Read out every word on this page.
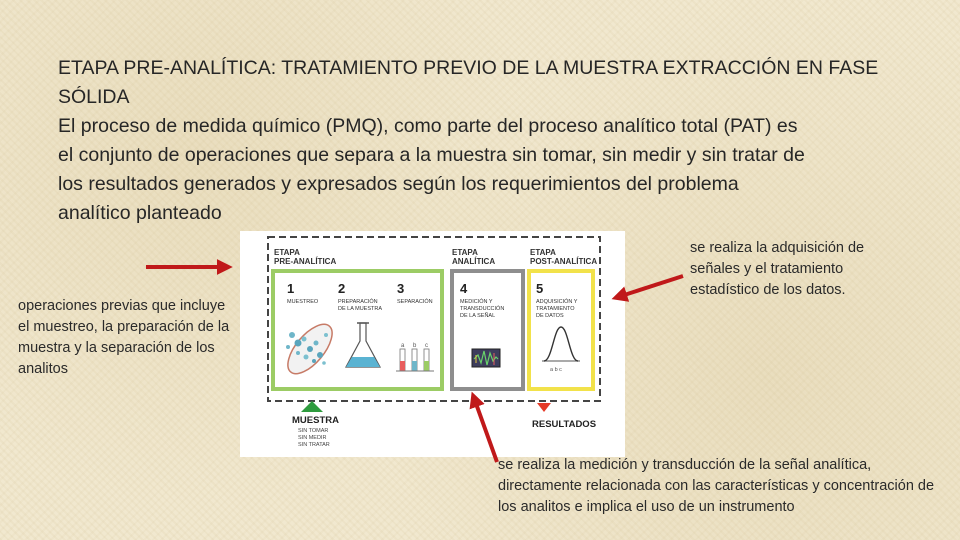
ETAPA PRE-ANALÍTICA: TRATAMIENTO PREVIO DE LA MUESTRA EXTRACCIÓN EN FASE
SÓLIDA
El proceso de medida químico (PMQ), como parte del proceso analítico total (PAT) es
el conjunto de operaciones que separa a la muestra sin tomar, sin medir y sin tratar de
los resultados generados y expresados según los requerimientos del problema
analítico planteado
operaciones previas que incluye el muestreo, la preparación de la muestra y la separación de los analitos
se realiza la adquisición de señales y el tratamiento estadístico de los datos.
se realiza la medición y transducción de la señal analítica, directamente relacionada con las características y concentración de los analitos e implica el uso de un instrumento
ETAPA
PRE-ANALÍTICA
ETAPA
ANALÍTICA
ETAPA
POST-ANALÍTICA
1
MUESTREO
2
PREPARACIÓN
DE LA MUESTRA
3
SEPARACIÓN
4
MEDICIÓN Y
TRANSDUCCIÓN
DE LA SEÑAL
5
ADQUISICIÓN Y
TRATAMIENTO
DE DATOS
a b c
a b c
MUESTRA
SIN TOMAR
SIN MEDIR
SIN TRATAR
RESULTADOS
